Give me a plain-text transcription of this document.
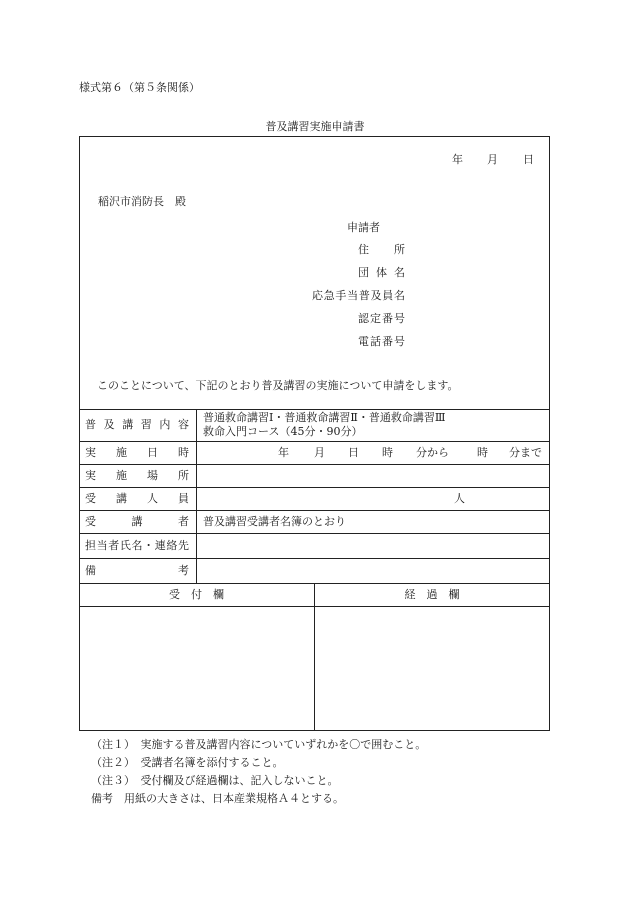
様式第６（第５条関係）
普及講習実施申請書
年 月 日
稲沢市消防長　殿
申請者
住　所
団体名
応急手当普及員名
認定番号
電話番号
このことについて、下記のとおり普及講習の実施について申請をします。
普及講習内容
実施日時
実施場所
受講人員
受講者
担当者氏名・連絡先
備考
普通救命講習Ⅰ・普通救命講習Ⅱ・普通救命講習Ⅲ
救命入門コース（45分・90分）
年 月 日 時 分から	時 分まで
人
普及講習受講者名簿のとおり
受　付　欄	経　過　欄
（注１）　実施する普及講習内容についていずれかを〇で囲むこと。
（注２）　受講者名簿を添付すること。
（注３）　受付欄及び経過欄は、記入しないこと。
備考　用紙の大きさは、日本産業規格Ａ４とする。
